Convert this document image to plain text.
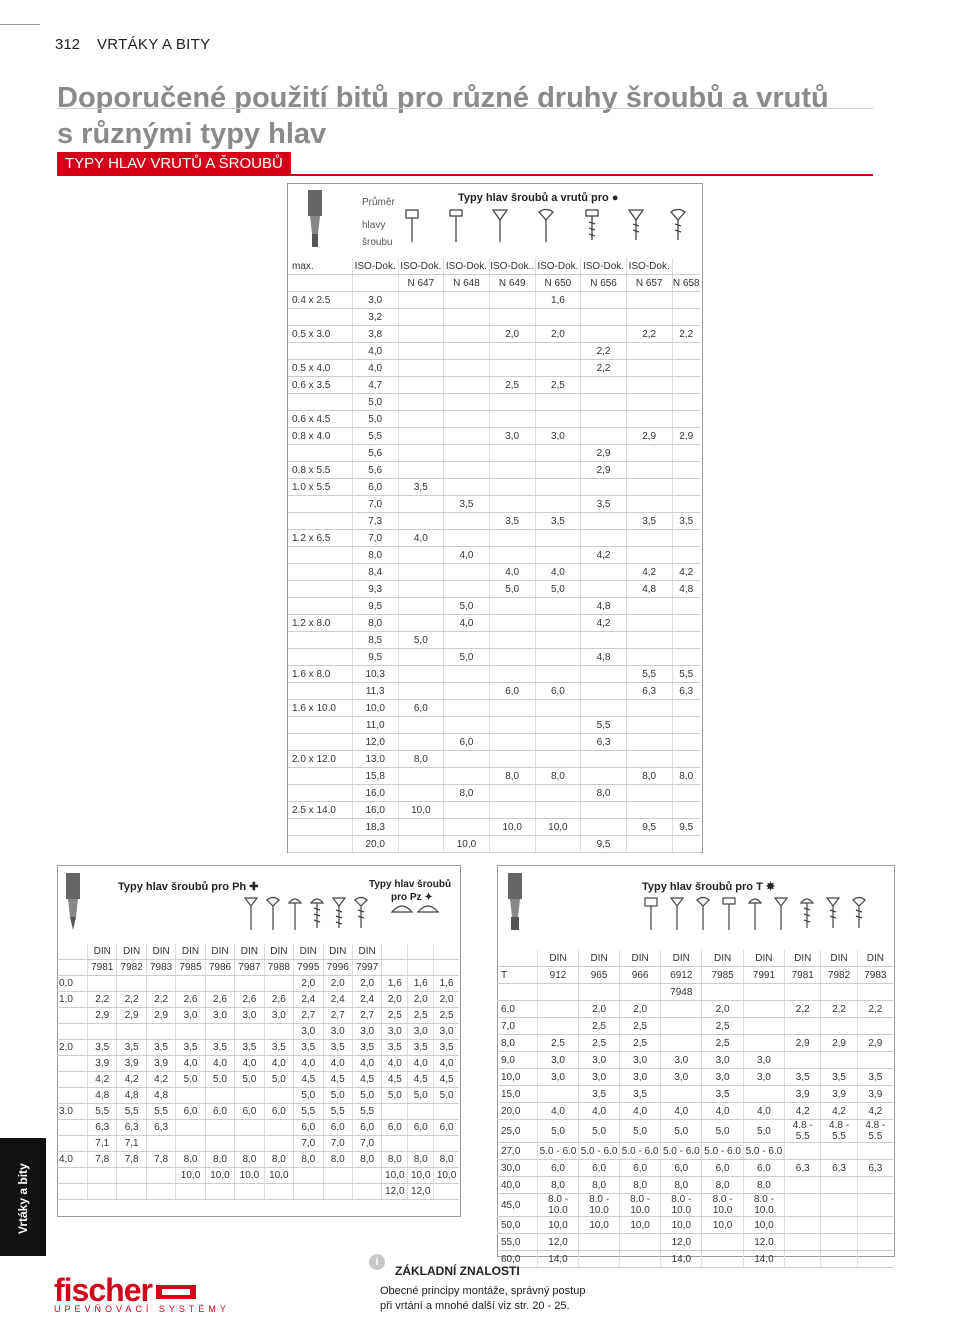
312 VRTÁKY A BITY
Doporučené použití bitů pro různé druhy šroubů a vrutů
s různými typy hlav
TYPY HLAV VRUTŮ A ŠROUBŮ
Průměr
hlavy
šroubu
Typy hlav šroubů a vrutů pro ●
max.	ISO-Dok.	ISO-Dok.	ISO-Dok.	ISO-Dok..	ISO-Dok.	ISO-Dok.	ISO-Dok.	
		N 647	N 648	N 649	N 650	N 656	N 657	N 658
0.4 x 2.5	3,0				1,6			
	3,2							
0.5 x 3.0	3,8			2,0	2,0		2,2	2,2
	4,0					2,2		
0.5 x 4.0	4,0					2,2		
0.6 x 3.5	4,7			2,5	2,5			
	5,0							
0.6 x 4.5	5,0							
0.8 x 4.0	5,5			3,0	3,0		2,9	2,9
	5,6					2,9		
0.8 x 5.5	5,6					2,9		
1.0 x 5.5	6,0	3,5						
	7,0		3,5			3,5		
	7,3			3,5	3,5		3,5	3,5
1.2 x 6.5	7,0	4,0						
	8,0		4,0			4,2		
	8,4			4,0	4,0		4,2	4,2
	9,3			5,0	5,0		4,8	4,8
	9,5		5,0			4,8		
1.2 x 8.0	8,0		4,0			4,2		
	8,5	5,0						
	9,5		5,0			4,8		
1.6 x 8.0	10,3						5,5	5,5
	11,3			6,0	6,0		6,3	6,3
1.6 x 10.0	10,0	6,0						
	11,0					5,5		
	12,0		6,0			6,3		
2.0 x 12.0	13,0	8,0						
	15,8			8,0	8,0		8,0	8,0
	16,0		8,0			8,0		
2.5 x 14.0	16,0	10,0						
	18,3			10,0	10,0		9,5	9,5
	20,0		10,0			9,5		
Typy hlav šroubů pro Ph ✚	Typy hlav šroubů
pro Pz ✦
	DIN	DIN	DIN	DIN	DIN	DIN	DIN	DIN	DIN	DIN			
	7981	7982	7983	7985	7986	7987	7988	7995	7996	7997			
0,0								2,0	2,0	2,0	1,6	1,6	1,6
1,0	2,2	2,2	2,2	2,6	2,6	2,6	2,6	2,4	2,4	2,4	2,0	2,0	2,0
	2,9	2,9	2,9	3,0	3,0	3,0	3,0	2,7	2,7	2,7	2,5	2,5	2,5
								3,0	3,0	3,0	3,0	3,0	3,0
2,0	3,5	3,5	3,5	3,5	3,5	3,5	3,5	3,5	3,5	3,5	3,5	3,5	3,5
	3,9	3,9	3,9	4,0	4,0	4,0	4,0	4,0	4,0	4,0	4,0	4,0	4,0
	4,2	4,2	4,2	5,0	5,0	5,0	5,0	4,5	4,5	4,5	4,5	4,5	4,5
	4,8	4,8	4,8					5,0	5,0	5,0	5,0	5,0	5,0
3,0	5,5	5,5	5,5	6,0	6,0	6,0	6,0	5,5	5,5	5,5			
	6,3	6,3	6,3					6,0	6,0	6,0	6,0	6,0	6,0
	7,1	7,1						7,0	7,0	7,0			
4,0	7,8	7,8	7,8	8,0	8,0	8,0	8,0	8,0	8,0	8,0	8,0	8,0	8,0
				10,0	10,0	10,0	10,0				10,0	10,0	10,0
											12,0	12,0	
Typy hlav šroubů pro T ✸
	DIN	DIN	DIN	DIN	DIN	DIN	DIN	DIN	DIN
T	912	965	966	6912	7985	7991	7981	7982	7983
				7948					
6,0		2,0	2,0		2,0		2,2	2,2	2,2
7,0		2,5	2,5		2,5				
8,0	2,5	2,5	2,5		2,5		2,9	2,9	2,9
9,0	3,0	3,0	3,0	3,0	3,0	3,0			
10,0	3,0	3,0	3,0	3,0	3,0	3,0	3,5	3,5	3,5
15,0		3,5	3,5		3,5		3,9	3,9	3,9
20,0	4,0	4,0	4,0	4,0	4,0	4,0	4,2	4,2	4,2
25,0	5,0	5,0	5,0	5,0	5,0	5,0	4.8 - 5.5	4.8 - 5.5	4.8 - 5.5
27,0	5.0 - 6.0	5.0 - 6.0	5.0 - 6.0	5.0 - 6.0	5.0 - 6.0	5.0 - 6.0			
30,0	6,0	6,0	6,0	6,0	6,0	6,0	6,3	6,3	6,3
40,0	8,0	8,0	8,0	8,0	8,0	8,0			
45,0	8.0 - 10.0	8.0 - 10.0	8.0 - 10.0	8.0 - 10.0	8.0 - 10.0	8.0 - 10.0			
50,0	10,0	10,0	10,0	10,0	10,0	10,0			
55,0	12,0			12,0		12,0			
60,0	14,0			14,0		14,0			
Vrtáky a bity
fischer
UPEVŇOVACÍ SYSTÉMY
i
ZÁKLADNÍ ZNALOSTI
Obecné principy montáže, správný postup při vrtání a mnohé další viz str. 20 - 25.
